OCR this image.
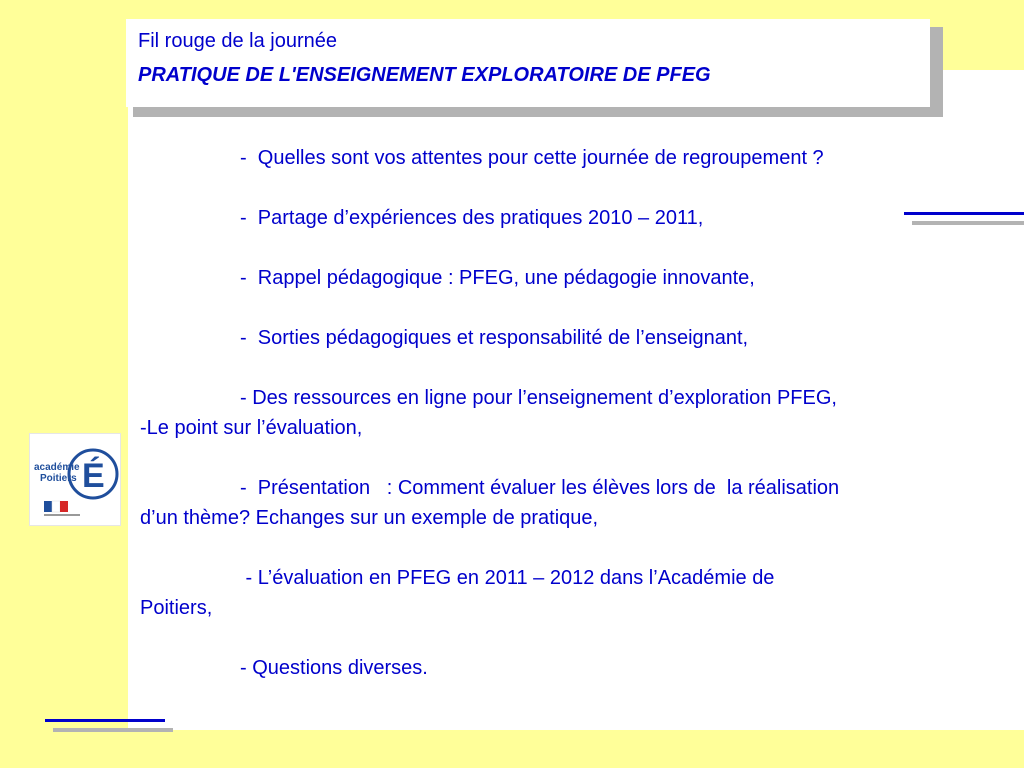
Fil rouge de la journée
PRATIQUE DE L'ENSEIGNEMENT EXPLORATOIRE DE PFEG

-  Quelles sont vos attentes pour cette journée de regroupement ?

-  Partage d’expériences des pratiques 2010 – 2011,

-  Rappel pédagogique : PFEG, une pédagogie innovante,

-  Sorties pédagogiques et responsabilité de l’enseignant,

- Des ressources en ligne pour l’enseignement d’exploration PFEG,

-Le point sur l’évaluation,

-  Présentation   : Comment évaluer les élèves lors de  la réalisation

d’un thème? Echanges sur un exemple de pratique,

- L’évaluation en PFEG en 2011 – 2012 dans l’Académie de

Poitiers,

- Questions diverses.

académie
Poitiers É
